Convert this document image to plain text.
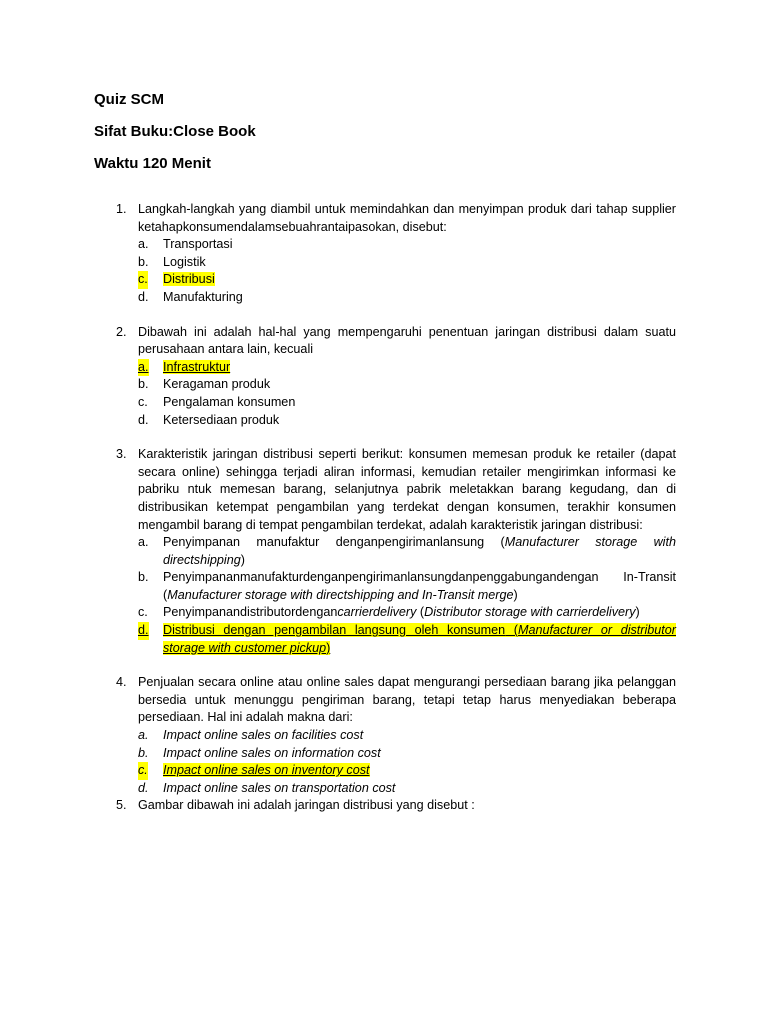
Quiz SCM
Sifat Buku:Close Book
Waktu 120 Menit
1. Langkah-langkah yang diambil untuk memindahkan dan menyimpan produk dari tahap supplier ketahapkonsumendalamsebuahrantaipasokan, disebut:
a. Transportasi
b. Logistik
c. Distribusi
d. Manufakturing
2. Dibawah ini adalah hal-hal yang mempengaruhi penentuan jaringan distribusi dalam suatu perusahaan antara lain, kecuali
a. Infrastruktur
b. Keragaman produk
c. Pengalaman konsumen
d. Ketersediaan produk
3. Karakteristik jaringan distribusi seperti berikut: konsumen memesan produk ke retailer (dapat secara online) sehingga terjadi aliran informasi, kemudian retailer mengirimkan informasi ke pabriku ntuk memesan barang, selanjutnya pabrik meletakkan barang kegudang, dan di distribusikan ketempat pengambilan yang terdekat dengan konsumen, terakhir konsumen mengambil barang di tempat pengambilan terdekat, adalah karakteristik jaringan distribusi:
a. Penyimpanan manufaktur denganpengirimanlansung (Manufacturer storage with directshipping)
b. Penyimpananmanufakturdenganpengirimanlansungdanpenggabungandengan In-Transit (Manufacturer storage with directshipping and In-Transit merge)
c. Penyimpanandistributordengancarrierdelivery (Distributor storage with carrierdelivery)
d. Distribusi dengan pengambilan langsung oleh konsumen (Manufacturer or distributor storage with customer pickup)
4. Penjualan secara online atau online sales dapat mengurangi persediaan barang jika pelanggan bersedia untuk menunggu pengiriman barang, tetapi tetap harus menyediakan beberapa persediaan. Hal ini adalah makna dari:
a. Impact online sales on facilities cost
b. Impact online sales on information cost
c. Impact online sales on inventory cost
d. Impact online sales on transportation cost
5. Gambar dibawah ini adalah jaringan distribusi yang disebut :
